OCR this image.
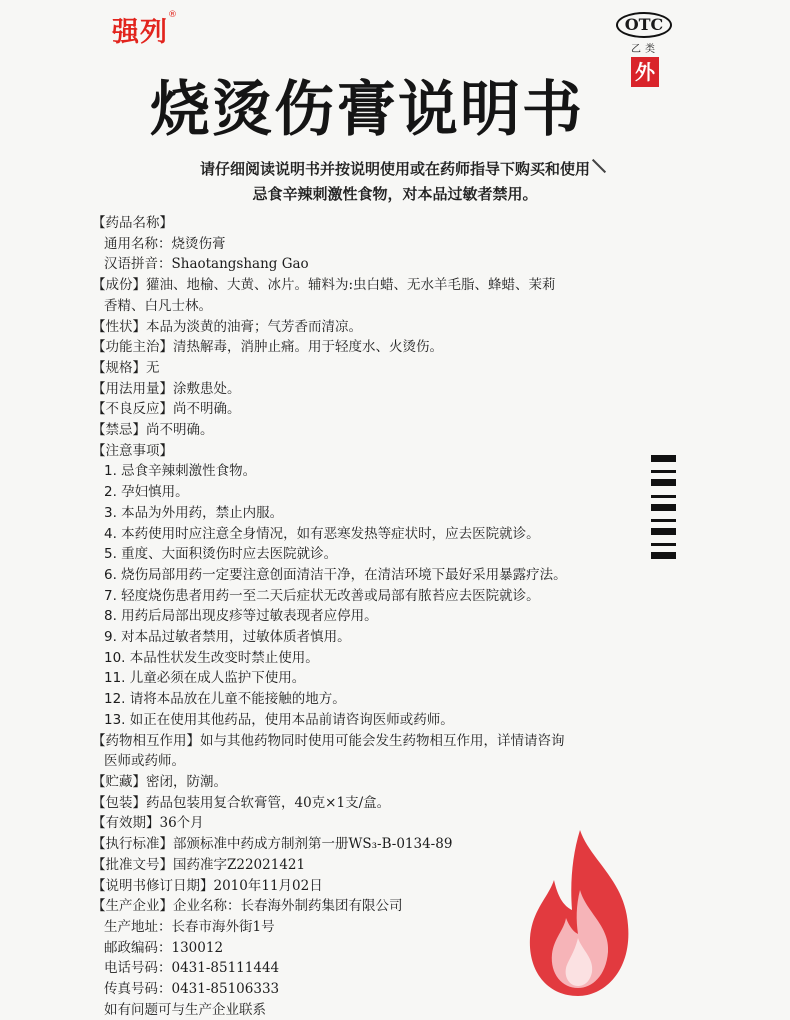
强列®	OTC
乙类
外
烧烫伤膏说明书
请仔细阅读说明书并按说明使用或在药师指导下购买和使用
忌食辛辣刺激性食物，对本品过敏者禁用。
【药品名称】
通用名称：烧烫伤膏
汉语拼音：Shaotangshang Gao
【成份】獾油、地榆、大黄、冰片。辅料为:虫白蜡、无水羊毛脂、蜂蜡、茉莉
香精、白凡士林。
【性状】本品为淡黄的油膏；气芳香而清凉。
【功能主治】清热解毒，消肿止痛。用于轻度水、火烫伤。
【规格】无
【用法用量】涂敷患处。
【不良反应】尚不明确。
【禁忌】尚不明确。
【注意事项】
1. 忌食辛辣刺激性食物。
2. 孕妇慎用。
3. 本品为外用药，禁止内服。
4. 本药使用时应注意全身情况，如有恶寒发热等症状时，应去医院就诊。
5. 重度、大面积烫伤时应去医院就诊。
6. 烧伤局部用药一定要注意创面清洁干净，在清洁环境下最好采用暴露疗法。
7. 轻度烧伤患者用药一至二天后症状无改善或局部有脓苔应去医院就诊。
8. 用药后局部出现皮疹等过敏表现者应停用。
9. 对本品过敏者禁用，过敏体质者慎用。
10. 本品性状发生改变时禁止使用。
11. 儿童必须在成人监护下使用。
12. 请将本品放在儿童不能接触的地方。
13. 如正在使用其他药品，使用本品前请咨询医师或药师。
【药物相互作用】如与其他药物同时使用可能会发生药物相互作用，详情请咨询
医师或药师。
【贮藏】密闭，防潮。
【包装】药品包装用复合软膏管，40克×1支/盒。
【有效期】36个月
【执行标准】部颁标准中药成方制剂第一册WS₃-B-0134-89
【批准文号】国药准字Z22021421
【说明书修订日期】2010年11月02日
【生产企业】企业名称：长春海外制药集团有限公司
生产地址：长春市海外街1号
邮政编码：130012
电话号码：0431-85111444
传真号码：0431-85106333
如有问题可与生产企业联系
